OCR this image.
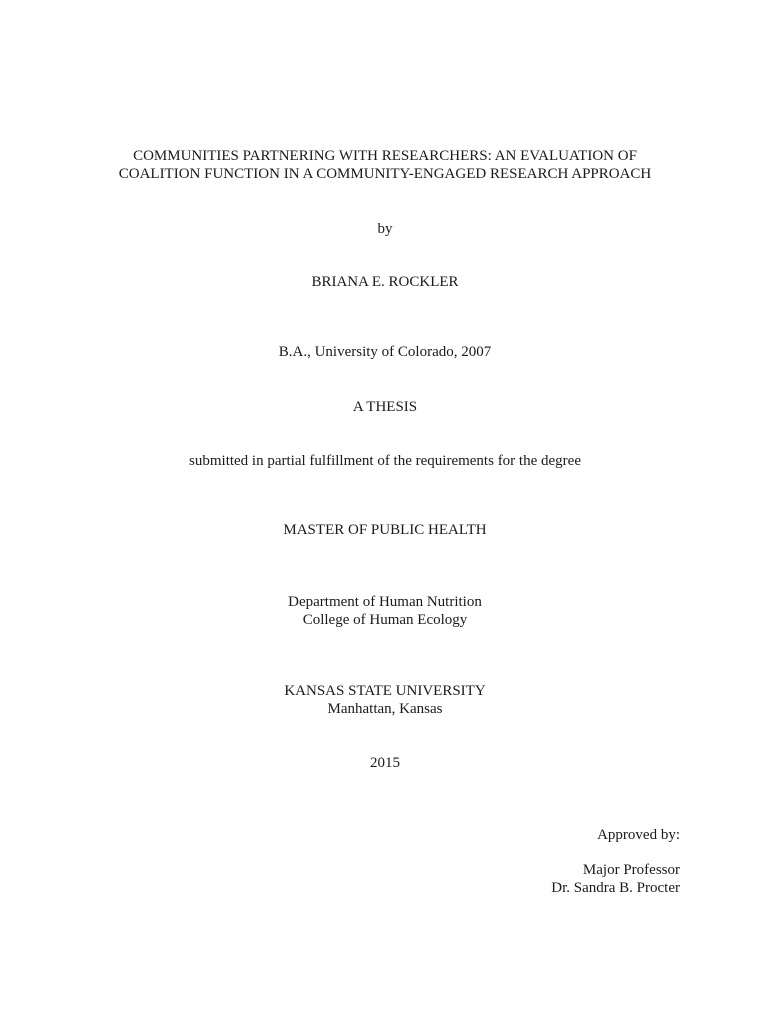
COMMUNITIES PARTNERING WITH RESEARCHERS: AN EVALUATION OF
COALITION FUNCTION IN A COMMUNITY-ENGAGED RESEARCH APPROACH
by
BRIANA E. ROCKLER
B.A., University of Colorado, 2007
A THESIS
submitted in partial fulfillment of the requirements for the degree
MASTER OF PUBLIC HEALTH
Department of Human Nutrition
College of Human Ecology
KANSAS STATE UNIVERSITY
Manhattan, Kansas
2015
Approved by:
Major Professor
Dr. Sandra B. Procter
